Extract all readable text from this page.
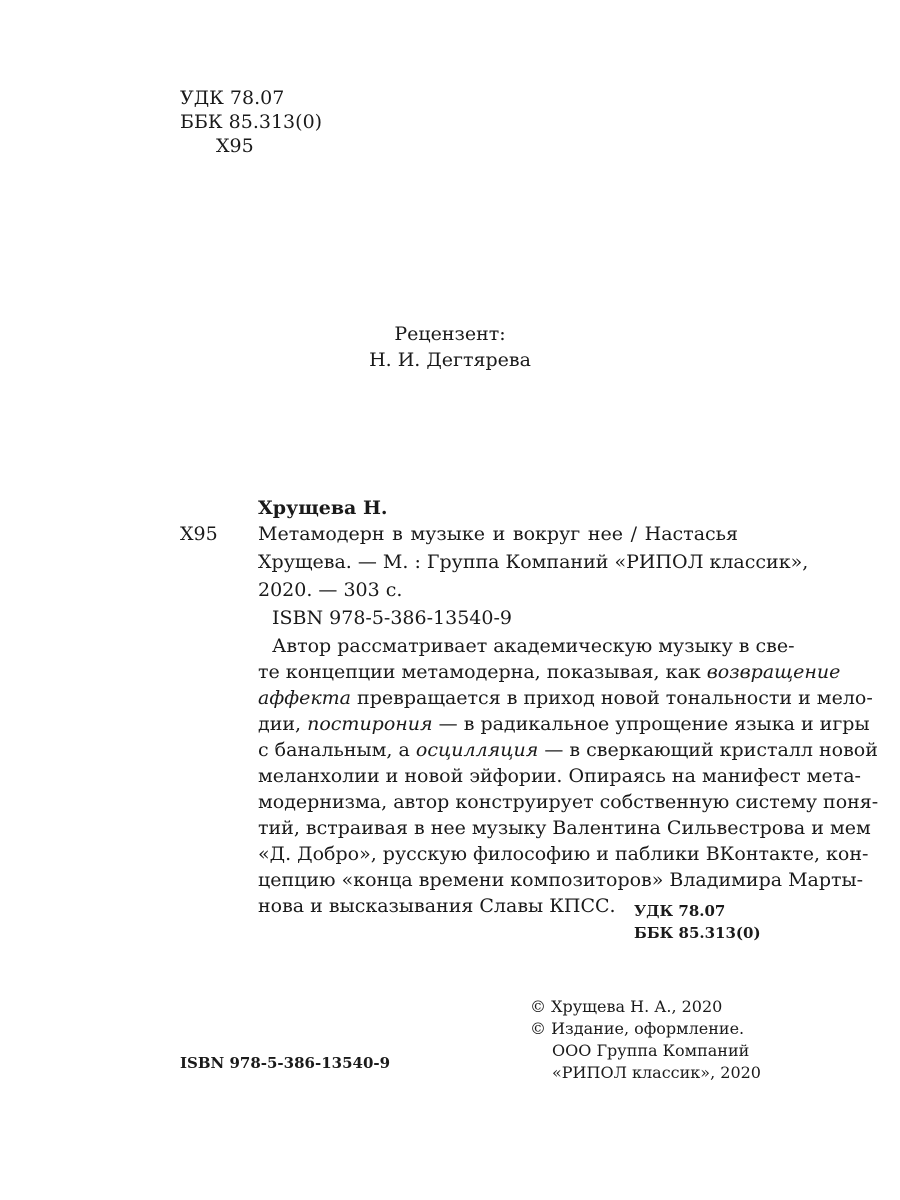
УДК 78.07
ББК 85.313(0)
Х95
Рецензент:
Н. И. Дегтярева
Хрущева Н.
Х95 Метамодерн в музыке и вокруг нее / Настасья
Хрущева. — М. : Группа Компаний «РИПОЛ классик»,
2020. — 303 с.
ISBN 978-5-386-13540-9
Автор рассматривает академическую музыку в све-
те концепции метамодерна, показывая, как возвращение
аффекта превращается в приход новой тональности и мело-
дии, постирония — в радикальное упрощение языка и игры
с банальным, а осцилляция — в сверкающий кристалл новой
меланхолии и новой эйфории. Опираясь на манифест мета-
модернизма, автор конструирует собственную систему поня-
тий, встраивая в нее музыку Валентина Сильвестрова и мем
«Д. Добро», русскую философию и паблики ВКонтакте, кон-
цепцию «конца времени композиторов» Владимира Марты-
нова и высказывания Славы КПСС. УДК 78.07
ББК 85.313(0)
© Хрущева Н. А., 2020
© Издание, оформление.
ООО Группа Компаний
«РИПОЛ классик», 2020
ISBN 978-5-386-13540-9
